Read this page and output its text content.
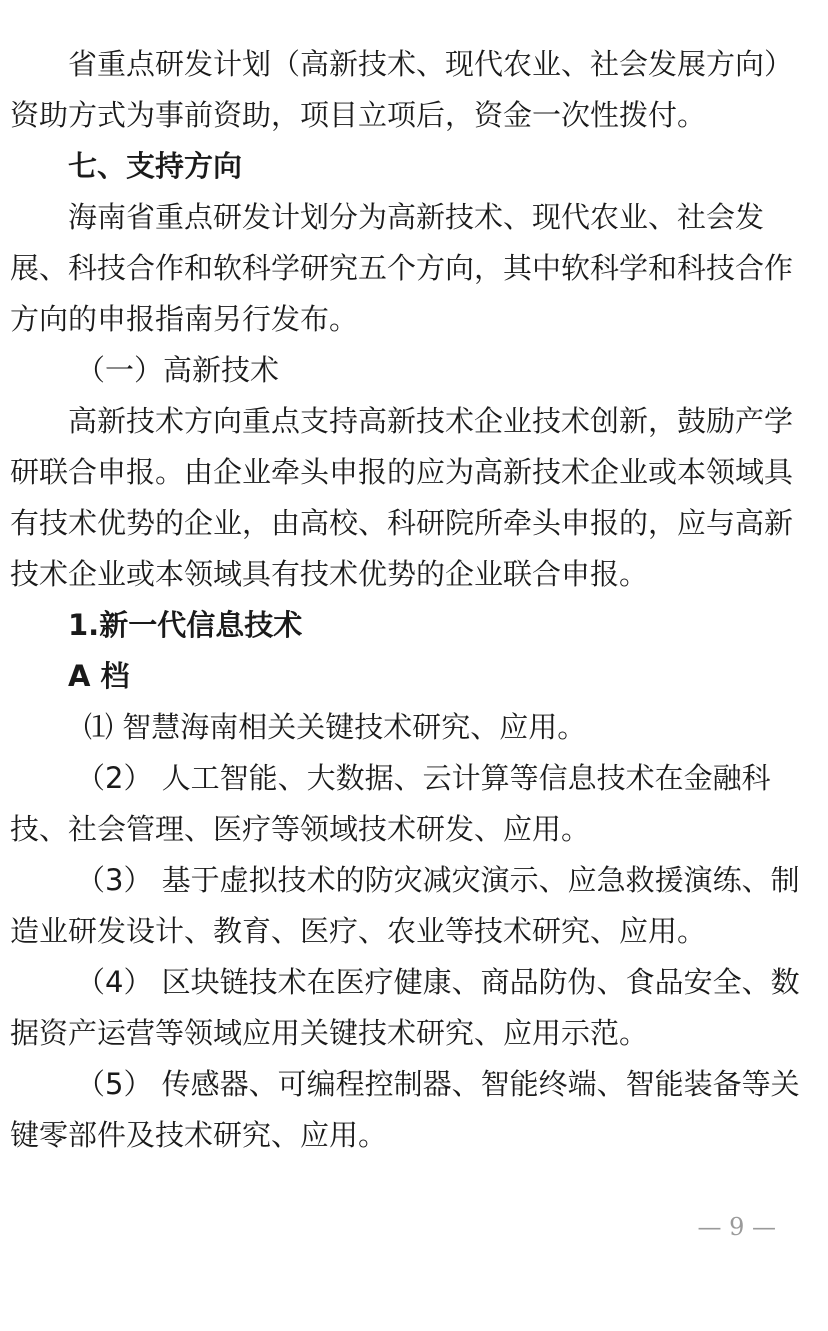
省重点研发计划（高新技术、现代农业、社会发展方向）
资助方式为事前资助，项目立项后，资金一次性拨付。
七、支持方向
海南省重点研发计划分为高新技术、现代农业、社会发
展、科技合作和软科学研究五个方向，其中软科学和科技合作
方向的申报指南另行发布。
（一）高新技术
高新技术方向重点支持高新技术企业技术创新，鼓励产学
研联合申报。由企业牵头申报的应为高新技术企业或本领域具
有技术优势的企业，由高校、科研院所牵头申报的，应与高新
技术企业或本领域具有技术优势的企业联合申报。
1.新一代信息技术
A 档
⑴ 智慧海南相关关键技术研究、应用。
（2） 人工智能、大数据、云计算等信息技术在金融科
技、社会管理、医疗等领域技术研发、应用。
（3） 基于虚拟技术的防灾减灾演示、应急救援演练、制
造业研发设计、教育、医疗、农业等技术研究、应用。
（4） 区块链技术在医疗健康、商品防伪、食品安全、数
据资产运营等领域应用关键技术研究、应用示范。
（5） 传感器、可编程控制器、智能终端、智能装备等关
键零部件及技术研究、应用。
— 9 —
